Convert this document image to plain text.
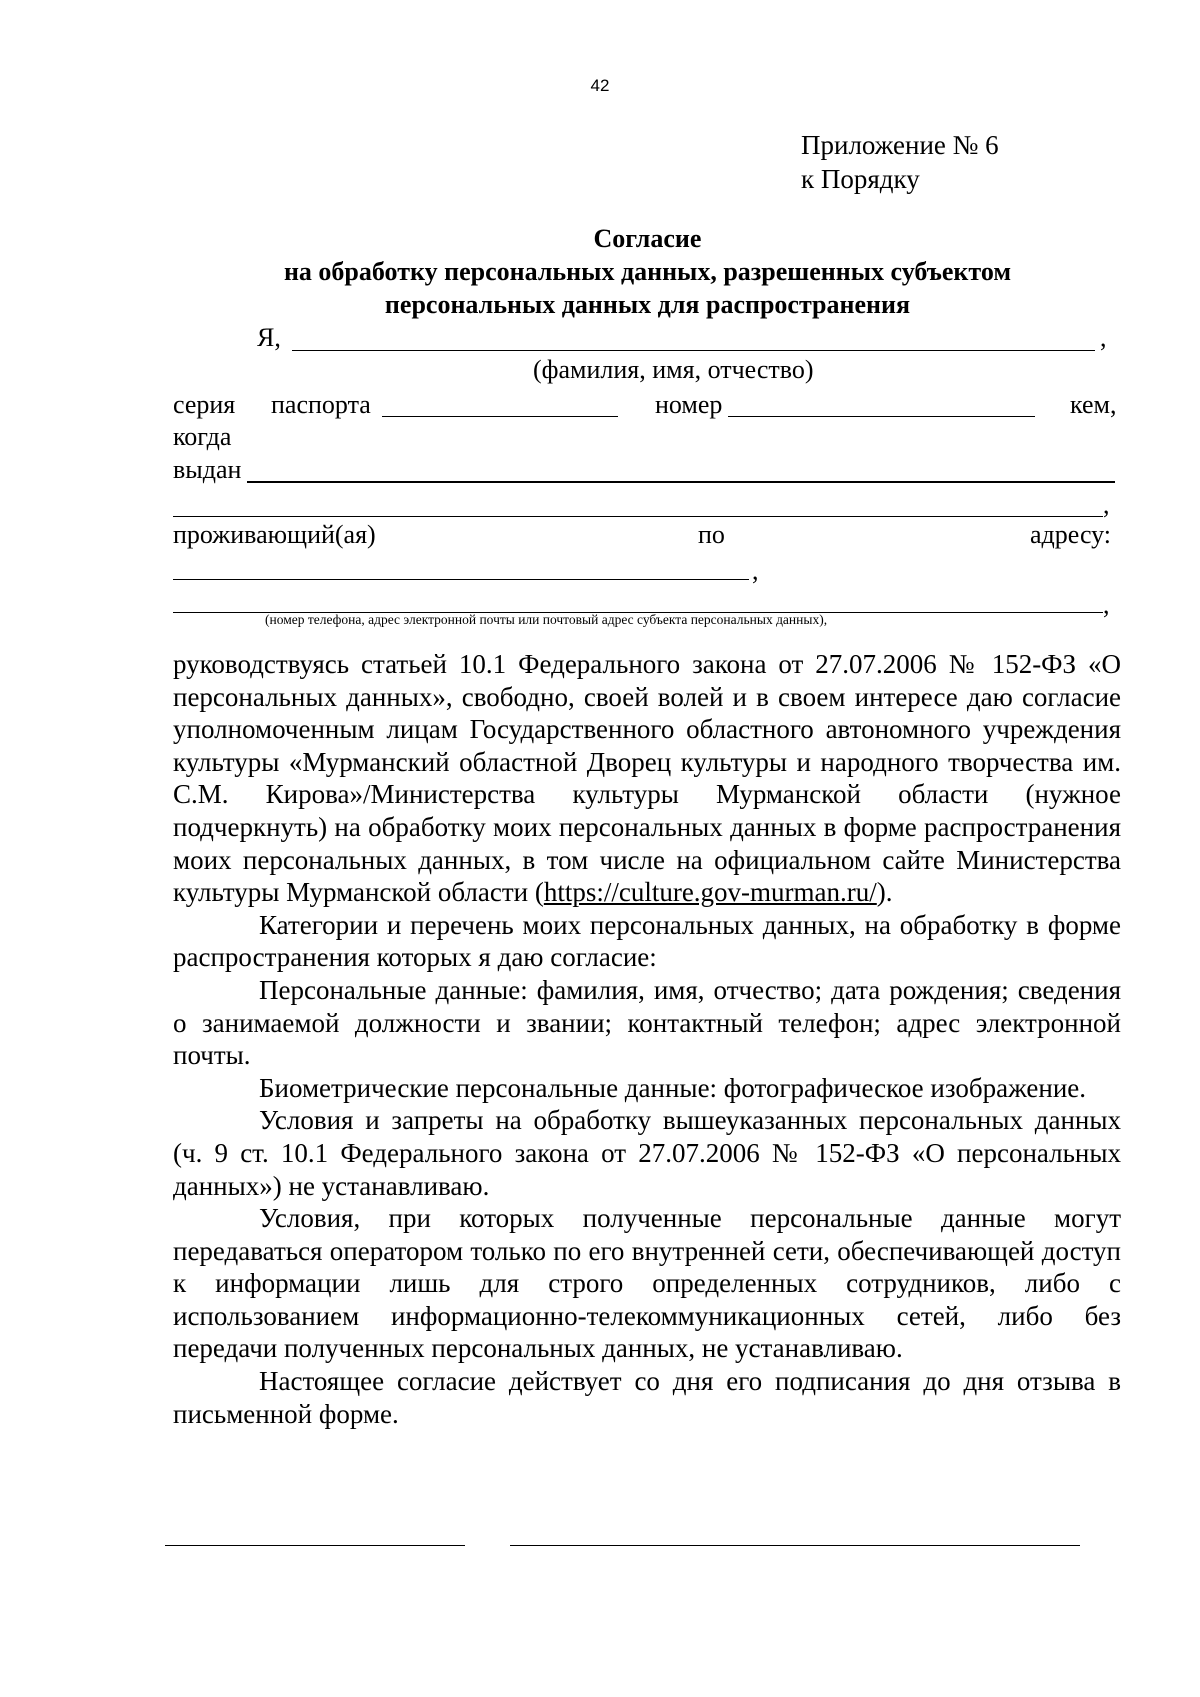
42
Приложение № 6
к Порядку
Согласие
на обработку персональных данных, разрешенных субъектом
персональных данных для распространения
Я,	,
(фамилия, имя, отчество)
серия паспорта	номер	кем,
когда
выдан
,
проживающий(ая)	по	адресу:
,
,
(номер телефона, адрес электронной почты или почтовый адрес субъекта персональных данных),

руководствуясь статьей 10.1 Федерального закона от 27.07.2006 № 152-ФЗ «О персональных данных», свободно, своей волей и в своем интересе даю согласие уполномоченным лицам Государственного областного автономного учреждения культуры «Мурманский областной Дворец культуры и народного творчества им. С.М. Кирова»/Министерства культуры Мурманской области (нужное подчеркнуть) на обработку моих персональных данных в форме распространения моих персональных данных, в том числе на официальном сайте Министерства культуры Мурманской области (https://culture.gov-murman.ru/).

Категории и перечень моих персональных данных, на обработку в форме распространения которых я даю согласие:

Персональные данные: фамилия, имя, отчество; дата рождения; сведения о занимаемой должности и звании; контактный телефон; адрес электронной почты.

Биометрические персональные данные: фотографическое изображение.

Условия и запреты на обработку вышеуказанных персональных данных (ч. 9 ст. 10.1 Федерального закона от 27.07.2006 № 152-ФЗ «О персональных данных») не устанавливаю.

Условия, при которых полученные персональные данные могут передаваться оператором только по его внутренней сети, обеспечивающей доступ к информации лишь для строго определенных сотрудников, либо с использованием информационно-телекоммуникационных сетей, либо без передачи полученных персональных данных, не устанавливаю.

Настоящее согласие действует со дня его подписания до дня отзыва в письменной форме.
